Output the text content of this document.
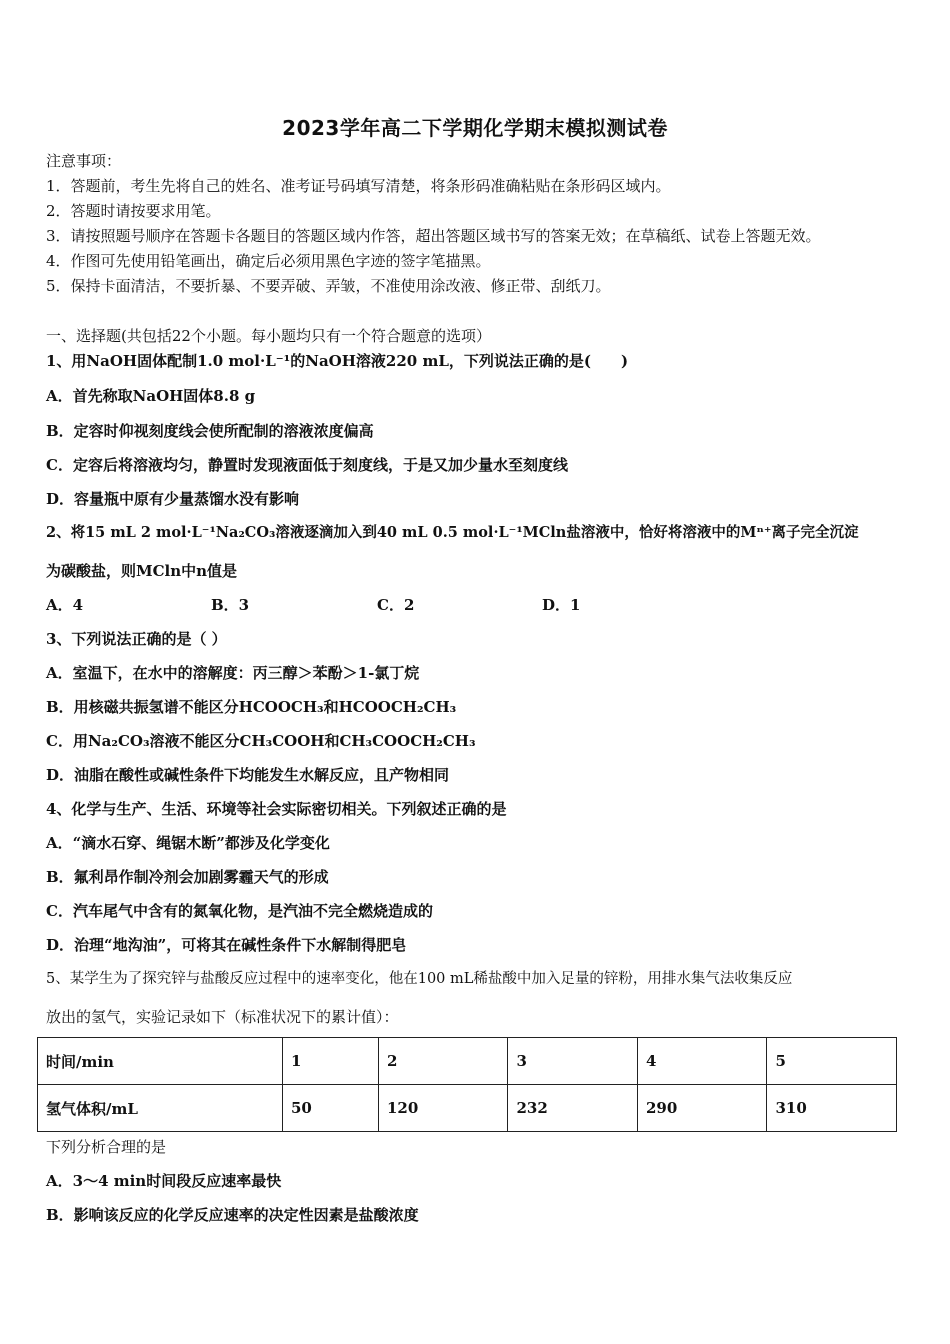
2023学年高二下学期化学期末模拟测试卷
注意事项：
1．答题前，考生先将自己的姓名、准考证号码填写清楚，将条形码准确粘贴在条形码区域内。
2．答题时请按要求用笔。
3．请按照题号顺序在答题卡各题目的答题区域内作答，超出答题区域书写的答案无效；在草稿纸、试卷上答题无效。
4．作图可先使用铅笔画出，确定后必须用黑色字迹的签字笔描黑。
5．保持卡面清洁，不要折暴、不要弄破、弄皱，不准使用涂改液、修正带、刮纸刀。
一、选择题(共包括22个小题。每小题均只有一个符合题意的选项）
1、用NaOH固体配制1.0 mol·L⁻¹的NaOH溶液220 mL，下列说法正确的是(　　)
A．首先称取NaOH固体8.8 g
B．定容时仰视刻度线会使所配制的溶液浓度偏高
C．定容后将溶液均匀，静置时发现液面低于刻度线，于是又加少量水至刻度线
D．容量瓶中原有少量蒸馏水没有影响
2、将15 mL 2 mol·L⁻¹Na₂CO₃溶液逐滴加入到40 mL 0.5 mol·L⁻¹MCln盐溶液中，恰好将溶液中的Mⁿ⁺离子完全沉淀
为碳酸盐，则MCln中n值是
A．4	B．3	C．2	D．1
3、下列说法正确的是（ ）
A．室温下，在水中的溶解度：丙三醇＞苯酚＞1-氯丁烷
B．用核磁共振氢谱不能区分HCOOCH₃和HCOOCH₂CH₃
C．用Na₂CO₃溶液不能区分CH₃COOH和CH₃COOCH₂CH₃
D．油脂在酸性或碱性条件下均能发生水解反应，且产物相同
4、化学与生产、生活、环境等社会实际密切相关。下列叙述正确的是
A．“滴水石穿、绳锯木断”都涉及化学变化
B．氟利昂作制冷剂会加剧雾霾天气的形成
C．汽车尾气中含有的氮氧化物，是汽油不完全燃烧造成的
D．治理“地沟油”，可将其在碱性条件下水解制得肥皂
5、某学生为了探究锌与盐酸反应过程中的速率变化，他在100 mL稀盐酸中加入足量的锌粉，用排水集气法收集反应
放出的氢气，实验记录如下（标准状况下的累计值）：
时间/min	1	2	3	4	5
氢气体积/mL	50	120	232	290	310
下列分析合理的是
A．3～4 min时间段反应速率最快
B．影响该反应的化学反应速率的决定性因素是盐酸浓度
